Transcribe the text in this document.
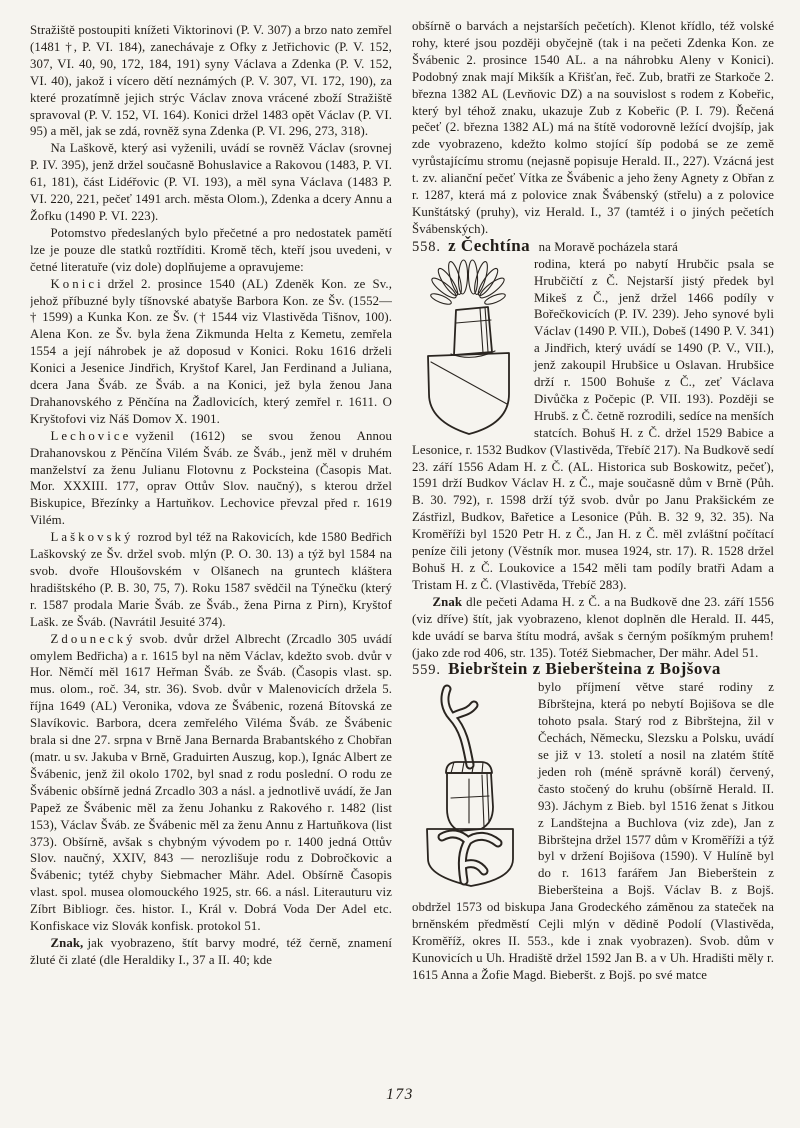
Stražiště postoupiti knížeti Viktorinovi (P. V. 307) a brzo nato zemřel (1481 †, P. VI. 184), zanechávaje z Ofky z Jetřichovic (P. V. 152, 307, VI. 40, 90, 172, 184, 191) syny Václava a Zdenka (P. V. 152, VI. 40), jakož i vícero dětí neznámých (P. V. 307, VI. 172, 190), za které prozatímně jejich strýc Václav znova vrácené zboží Stražiště spravoval (P. V. 152, VI. 164). Konici držel 1483 opět Václav (P. VI. 95) a měl, jak se zdá, rovněž syna Zdenka (P. VI. 296, 273, 318).

Na Laškově, který asi vyženili, uvádí se rovněž Václav (srovnej P. IV. 395), jenž držel současně Bohuslavice a Rakovou (1483, P. VI. 61, 181), část Lidéřovic (P. VI. 193), a měl syna Václava (1483 P. VI. 220, 221, pečeť 1491 arch. města Olom.), Zdenka a dcery Annu a Žofku (1490 P. VI. 223).

Potomstvo předeslaných bylo přečetné a pro nedostatek pamětí lze je pouze dle statků roztříditi. Kromě těch, kteří jsou uvedeni, v četné literatuře (viz dole) doplňujeme a opravujeme:

Konici držel 2. prosince 1540 (AL) Zdeněk Kon. ze Sv., jehož příbuzné byly tíšnovské abatyše Barbora Kon. ze Šv. (1552— † 1599) a Kunka Kon. ze Šv. († 1544 viz Vlastivěda Tišnov, 100). Alena Kon. ze Šv. byla žena Zikmunda Helta z Kemetu, zemřela 1554 a její náhrobek je až doposud v Konici. Roku 1616 drželi Konici a Jesenice Jindřich, Kryštof Karel, Jan Ferdinand a Juliana, dcera Jana Šváb. ze Šváb. a na Konici, jež byla ženou Jana Drahanovského z Pěnčína na Žadlovicích, který zemřel r. 1611. O Kryštofovi viz Náš Domov X. 1901.

Lechovice vyženil (1612) se svou ženou Annou Drahanovskou z Pěnčína Vilém Šváb. ze Šváb., jenž měl v druhém manželství za ženu Julianu Flotovnu z Pocksteina (Časopis Mat. Mor. XXXIII. 177, oprav Ottův Slov. naučný), s kterou držel Biskupice, Březínky a Hartuňkov. Lechovice převzal před r. 1619 Vilém.

Laškovský rozrod byl též na Rakovicích, kde 1580 Bedřich Laškovský ze Šv. držel svob. mlýn (P. O. 30. 13) a týž byl 1584 na svob. dvoře Hloušovském v Olšanech na gruntech kláštera hradištského (P. B. 30, 75, 7). Roku 1587 svědčil na Týnečku (který r. 1587 prodala Marie Šváb. ze Šváb., žena Pirna z Pirn), Kryštof Lašk. ze Šváb. (Navrátil Jesuité 374).

Zdounecký svob. dvůr držel Albrecht (Zrcadlo 305 uvádí omylem Bedřicha) a r. 1615 byl na něm Václav, kdežto svob. dvůr v Hor. Němčí měl 1617 Heřman Šváb. ze Šváb. (Časopis vlast. sp. mus. olom., roč. 34, str. 36). Svob. dvůr v Malenovicích držela 5. října 1649 (AL) Veronika, vdova ze Švábenic, rozená Bítovská ze Slavíkovic. Barbora, dcera zemřelého Viléma Šváb. ze Švábenic brala si dne 27. srpna v Brně Jana Bernarda Brabantského z Chobřan (matr. u sv. Jakuba v Brně, Graduirten Auszug, kop.), Ignác Albert ze Švábenic, jenž žil okolo 1702, byl snad z rodu poslední. O rodu ze Švábenic obšírně jedná Zrcadlo 303 a násl. a jednotlivě uvádí, že Jan Papež ze Švábenic měl za ženu Johanku z Rakového r. 1482 (list 153), Václav Šváb. ze Švábenic měl za ženu Annu z Hartuňkova (list 373). Obšírně, avšak s chybným vývodem po r. 1400 jedná Ottův Slov. naučný, XXIV, 843 — nerozlišuje rodu z Dobročkovic a Švábenic; tytéž chyby Siebmacher Mähr. Adel. Obšírně Časopis vlast. spol. musea olomouckého 1925, str. 66. a násl. Literauturu viz Zíbrt Bibliogr. čes. histor. I., Král v. Dobrá Voda Der Adel etc. Konfiskace viz Slovák konfisk. protokol 51.

Znak, jak vyobrazeno, štít barvy modré, též černě, znamení žluté či zlaté (dle Heraldiky I., 37 a II. 40; kde

obšírně o barvách a nejstarších pečetích). Klenot křídlo, též volské rohy, které jsou později obyčejně (tak i na pečeti Zdenka Kon. ze Švábenic 2. prosince 1540 AL. a na náhrobku Aleny v Konici). Podobný znak mají Mikšík a Křišťan, řeč. Zub, bratři ze Starkoče 2. března 1382 AL (Levňovic DZ) a na souvislost s rodem z Kobeřic, který byl téhož znaku, ukazuje Zub z Kobeřic (P. I. 79). Řečená pečeť (2. března 1382 AL) má na štítě vodorovně ležící dvojšíp, jak zde vyobrazeno, kdežto kolmo stojící šíp podobá se ze země vyrůstajícímu stromu (nejasně popisuje Herald. II., 227). Vzácná jest t. zv. alianční pečeť Vítka ze Švábenic a jeho ženy Agnety z Obřan z r. 1287, která má z polovice znak Švábenský (střelu) a z polovice Kunštátský (pruhy), viz Herald. I., 37 (tamtéž i o jiných pečetích Švábenských).

558. z Čechtína na Moravě pocházela stará

rodina, která po nabytí Hrubčic psala se Hrubčičtí z Č. Nejstarší jistý předek byl Mikeš z Č., jenž držel 1466 podíly v Bořečkovicích (P. IV. 239). Jeho synové byli Václav (1490 P. VII.), Dobeš (1490 P. V. 341) a Jindřich, který uvádí se 1490 (P. V., VII.), jenž zakoupil Hrubšice u Oslavan. Hrubšice drží r. 1500 Bohuše z Č., zeť Václava Divůčka z Počepic (P. VII. 193). Později se Hrubš. z Č. četně rozrodili, sedíce na menších statcích. Bohuš H. z Č. držel 1529 Babice a Lesonice, r. 1532 Budkov (Vlastivěda, Třebíč 217). Na Budkově sedí 23. září 1556 Adam H. z Č. (AL. Historica sub Boskowitz, pečeť), 1591 drží Budkov Václav H. z Č., maje současně dům v Brně (Půh. B. 30. 792), r. 1598 drží týž svob. dvůr po Janu Prakšickém ze Zástřizl, Budkov, Bařetice a Lesonice (Půh. B. 32 9, 32. 35). Na Kroměříži byl 1520 Petr H. z Č., Jan H. z Č. měl zvláštní počítací peníze čili jetony (Věstník mor. musea 1924, str. 17). R. 1528 držel Bohuš H. z Č. Loukovice a 1542 měli tam podíly bratři Adam a Tristam H. z Č. (Vlastivěda, Třebíč 283).

Znak dle pečeti Adama H. z Č. a na Budkově dne 23. září 1556 (viz dříve) štít, jak vyobrazeno, klenot doplněn dle Herald. II. 445, kde uvádí se barva štítu modrá, avšak s černým pošíkmým pruhem! (jako zde rod 406, str. 135). Totéž Siebmacher, Der mähr. Adel 51.

559. Biebrštein z Bieberšteina z Bojšova

bylo příjmení větve staré rodiny z Bíbrštejna, která po nebytí Bojišova se dle tohoto psala. Starý rod z Bibrštejna, žil v Čechách, Německu, Slezsku a Polsku, uvádí se již v 13. století a nosil na zlatém štítě jeden roh (méně správně korál) červený, často stočený do kruhu (obšírně Herald. II. 93). Jáchym z Bieb. byl 1516 ženat s Jitkou z Landštejna a Buchlova (viz zde), Jan z Bibrštejna držel 1577 dům v Kroměříži a týž byl v držení Bojišova (1590). V Hulíně byl do r. 1613 farářem Jan Bieberštein z Bieberšteina a Bojš. Václav B. z Bojš. obdržel 1573 od biskupa Jana Grodeckého záměnou za stateček na brněnském předměstí Cejli mlýn v dědině Podolí (Vlastivěda, Kroměříž, okres II. 553., kde i znak vyobrazen). Svob. dům v Kunovicích u Uh. Hradiště držel 1592 Jan B. a v Uh. Hradišti měly r. 1615 Anna a Žofie Magd. Bieberšt. z Bojš. po své matce

173
